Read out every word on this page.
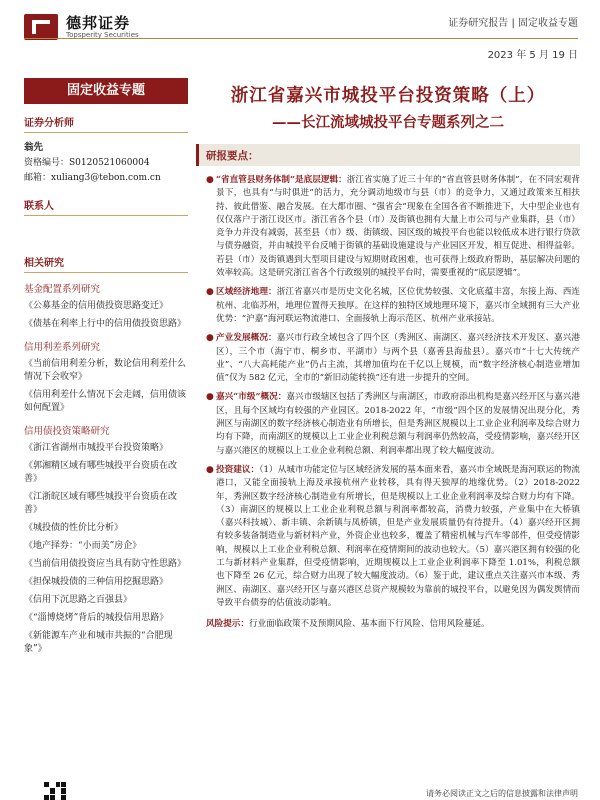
德邦证券
Topsperity Securities
证券研究报告 | 固定收益专题
2023 年 5 月 19 日
固定收益专题
证券分析师
翁先
资格编号：S0120521060004
邮箱：xuliang3@tebon.com.cn
联系人
相关研究
基金配置系列研究
《公募基金的信用债投资思路变迁》
《债基在利率上行中的信用债投资思路》
信用利差系列研究
《当前信用利差分析，数论信用利差什么情况下会收窄》
《信用利差什么情况下会走阔，信用债该如何配置》
信用债投资策略研究
《浙江省湖州市城投平台投资策略》
《郭湘精区域有哪些城投平台资质在改善》
《江浙皖区域有哪些城投平台资质在改善》
《城投债的性价比分析》
《地产择券：“小而美”房企》
《当前信用债投资应当具有防守性思路》
《担保城投债的三种信用挖掘思路》
《信用下沉思路之百强县》
《“淄博烧烤”背后的城投信用思路》
《新能源车产业和城市共振的“合肥现象”》
浙江省嘉兴市城投平台投资策略（上）
——长江流域城投平台专题系列之二
研报要点：
● “省直管县财务体制”是底层逻辑：浙江省实施了近三十年的“省直管县财务体制”，在不同宏观背景下，也具有“与时俱进”的活力，充分调动地级市与县（市）的竞争力，又通过政策来互相扶持、彼此借鉴、融合发展。在大都市圈、“强省会”现象在全国各省不断推进下，大中型企业也有仅仅落户于浙江设区市。浙江省各个县（市）及街镇也拥有大量上市公司与产业集群，县（市）竞争力并没有减弱，甚至县（市）级、街镇级、园区级的城投平台也能以较低成本进行银行贷款与债券融资，并由城投平台反哺于街镇的基础设施建设与产业园区开发，相互促进、相得益彰。若县（市）及街镇遇到大型项目建设与短期财政困难，也可获得上级政府帮助，基层解决问题的效率较高。这是研究浙江省各个行政级别的城投平台时，需要重视的“底层逻辑”。
● 区域经济地理：浙江省嘉兴市是历史文化名城，区位优势较强、文化底蕴丰富，东接上海、西连杭州、北临苏州，地理位置得天独厚。在这样的独特区域地理环境下，嘉兴市全域拥有三大产业优势：“沪嘉”海河联运物流港口、全面接轨上海示范区、杭州产业承接站。
● 产业发展概况：嘉兴市行政全域包含了四个区（秀洲区、南湖区、嘉兴经济技术开发区、嘉兴港区），三个市（海宁市、桐乡市、平湖市）与两个县（嘉善县海盐县）。嘉兴市“十七大传统产业”、“八大高耗能产业”仍占主流，其增加值均在千亿以上规模，而“数字经济核心制造业增加值”仅为 582 亿元，全市的“新旧动能转换”还有进一步提升的空间。
● 嘉兴“市级”概况：嘉兴市级辖区包括了秀洲区与南湖区，市政府添出机构是嘉兴经开区与嘉兴港区，且每个区域均有较强的产业园区。2018-2022 年，“市级”四个区的发展情况出现分化，秀洲区与南湖区的数字经济核心制造业有所增长，但是秀洲区规模以上工业企业利润率及综合财力均有下降，而南湖区的规模以上工业企业利税总额与利润率仍然较高，受疫情影响，嘉兴经开区与嘉兴港区的规模以上工业企业利税总额、利润率都出现了较大幅度波动。
● 投资建议：（1）从城市功能定位与区域经济发展的基本面来看，嘉兴市全域既是海河联运的物流港口，又能全面接轨上海及承接杭州产业转移，具有得天独厚的地缘优势。（2）2018-2022 年，秀洲区数字经济核心制造业有所增长，但是规模以上工业企业利润率及综合财力均有下降。（3）南湖区的规模以上工业企业利税总额与利润率都较高，消费力较强，产业集中在大桥镇（嘉兴科技城）、新丰镇、余新镇与凤桥镇，但是产业发展质量仍有待提升。（4）嘉兴经开区拥有较多装备制造业与新材料产业，外资企业也较多，覆盖了精密机械与汽车零部件，但受疫情影响，规模以上工业企业利税总额、利润率在疫情期间的波动也较大。（5）嘉兴港区拥有较强的化工与新材料产业集群，但受疫情影响，近期规模以上工业企业利润率下降至 1.01%，利税总额也下降至 26 亿元，综合财力出现了较大幅度波动。（6）鉴于此，建议重点关注嘉兴市本级、秀洲区、南湖区、嘉兴经开区与嘉兴港区总资产规模较为靠前的城投平台，以避免因为偶发舆情而导致平台债券的估值波动影响。
风险提示：行业面临政策不及预期风险、基本面下行风险、信用风险蔓延。
请务必阅读正文之后的信息披露和法律声明
